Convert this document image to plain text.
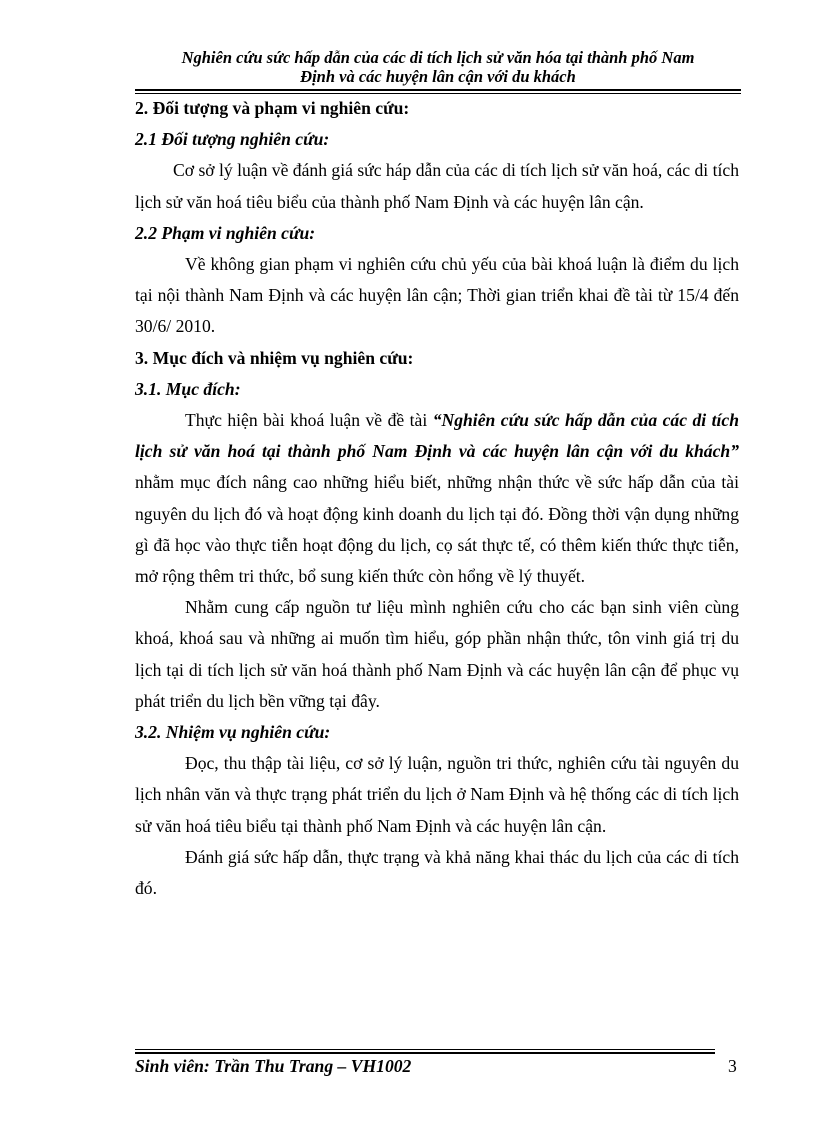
Nghiên cứu sức hấp dẫn của các di tích lịch sử văn hóa tại thành phố Nam
Định và các huyện lân cận với du khách

2. Đối tượng và phạm vi nghiên cứu:

2.1 Đối tượng nghiên cứu:

Cơ sở lý luận về đánh giá sức háp dẫn của các di tích lịch sử văn hoá, các di tích lịch sử văn hoá tiêu biểu của thành phố Nam Định và các huyện lân cận.

2.2 Phạm vi nghiên cứu:

Về không gian phạm vi nghiên cứu chủ yếu của bài khoá luận là điểm du lịch tại nội thành Nam Định và các huyện lân cận; Thời gian triển khai đề tài từ 15/4 đến 30/6/ 2010.

3. Mục đích và nhiệm vụ nghiên cứu:

3.1. Mục đích:

Thực hiện bài khoá luận về đề tài “Nghiên cứu sức hấp dẫn của các di tích lịch sử văn hoá tại thành phố Nam Định và các huyện lân cận với du khách” nhằm mục đích nâng cao những hiểu biết, những nhận thức về sức hấp dẫn của tài nguyên du lịch đó và hoạt động kinh doanh du lịch tại đó. Đồng thời vận dụng những gì đã học vào thực tiễn hoạt động du lịch, cọ sát thực tế, có thêm kiến thức thực tiễn, mở rộng thêm tri thức, bổ sung kiến thức còn hổng về lý thuyết.

Nhằm cung cấp nguồn tư liệu mình nghiên cứu cho các bạn sinh viên cùng khoá, khoá sau và những ai muốn tìm hiểu, góp phần nhận thức, tôn vinh giá trị du lịch tại di tích lịch sử văn hoá thành phố Nam Định và các huyện lân cận để phục vụ phát triển du lịch bền vững tại đây.

3.2. Nhiệm vụ nghiên cứu:

Đọc, thu thập tài liệu, cơ sở lý luận, nguồn tri thức, nghiên cứu tài nguyên du lịch nhân văn và thực trạng phát triển du lịch ở Nam Định và hệ thống các di tích lịch sử văn hoá tiêu biểu tại thành phố Nam Định và các huyện lân cận.

Đánh giá sức hấp dẫn, thực trạng và khả năng khai thác du lịch của các di tích đó.

Sinh viên: Trần Thu Trang – VH1002	3
